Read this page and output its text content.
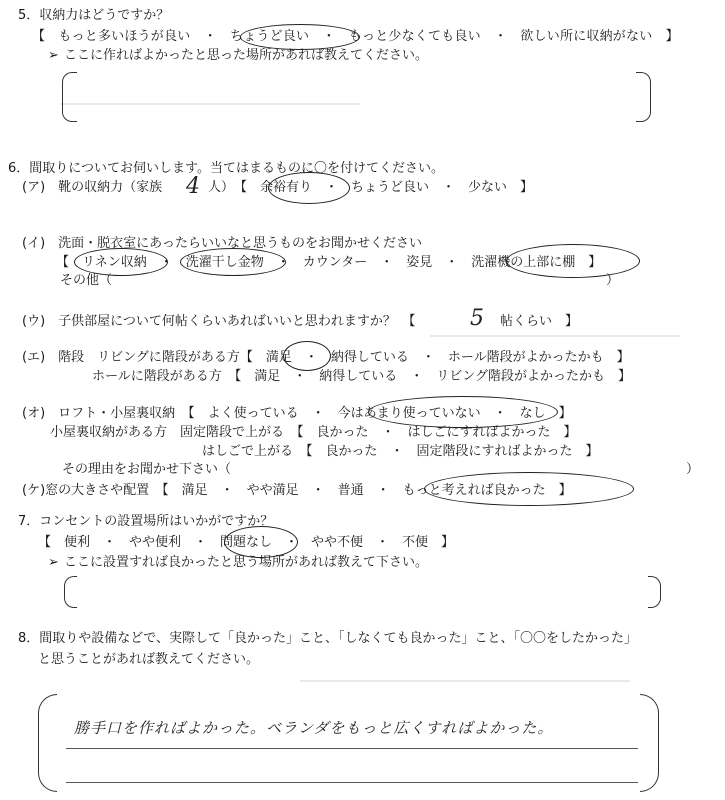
5．収納力はどうですか？
【　もっと多いほうが良い　・　ちょうど良い　・　もっと少なくても良い　・　欲しい所に収納がない　】
➢ ここに作ればよかったと思った場所があれば教えてください。
6．間取りについてお伺いします。当てはまるものに〇を付けてください。
(ア)　靴の収納力（家族 4 人）　【　余裕有り　・　ちょうど良い　・　少ない　】
(イ)　洗面・脱衣室にあったらいいなと思うものをお聞かせください
【　リネン収納　・　洗濯干し金物　・　カウンター　・　姿見　・　洗濯機の上部に棚　】
その他（	）
(ウ)　子供部屋について何帖くらいあればいいと思われますか？　【 5 帖くらい　】
(エ)　階段　リビングに階段がある方【　満足　・　納得している　・　ホール階段がよかったかも　】
ホールに階段がある方　【　満足　・　納得している　・　リビング階段がよかったかも　】
(オ)　ロフト・小屋裏収納　【　よく使っている　・　今はあまり使っていない　・　なし　】
小屋裏収納がある方　固定階段で上がる　【　良かった　・　はしごにすればよかった　】
はしごで上がる　【　良かった　・　固定階段にすればよかった　】
その理由をお聞かせ下さい（	）
(ケ)窓の大きさや配置　【　満足　・　やや満足　・　普通　・　もっと考えれば良かった　】
7．コンセントの設置場所はいかがですか？
【　便利　・　やや便利　・　問題なし　・　やや不便　・　不便　】
➢ ここに設置すれば良かったと思う場所があれば教えて下さい。
8．間取りや設備などで、実際して「良かった」こと、「しなくても良かった」こと、「〇〇をしたかった」
と思うことがあれば教えてください。
勝手口を作ればよかった。ベランダをもっと広くすればよかった。
